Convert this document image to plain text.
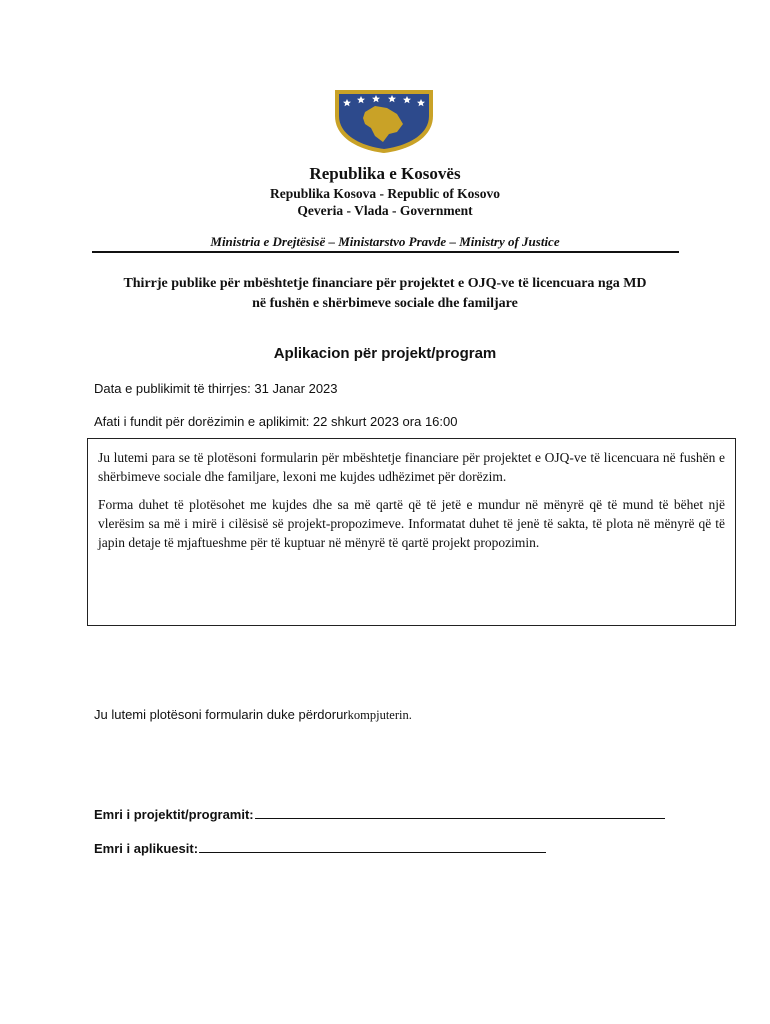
Republika e Kosovës
Republika Kosova - Republic of Kosovo
Qeveria - Vlada - Government
Ministria e Drejtësisë – Ministarstvo Pravde – Ministry of Justice
Thirrje publike për mbështetje financiare për projektet e OJQ-ve të licencuara nga MD
në fushën e shërbimeve sociale dhe familjare
Aplikacion për projekt/program
Data e publikimit të thirrjes: 31 Janar 2023
Afati i fundit për dorëzimin e aplikimit: 22 shkurt 2023 ora 16:00

Ju lutemi para se të plotësoni formularin për mbështetje financiare për projektet e OJQ-ve të licencuara në fushën e shërbimeve sociale dhe familjare, lexoni me kujdes udhëzimet për dorëzim.

Forma duhet të plotësohet me kujdes dhe sa më qartë që të jetë e mundur në mënyrë që të mund të bëhet një vlerësim sa më i mirë i cilësisë së projekt-propozimeve. Informatat duhet të jenë të sakta, të plota në mënyrë që të japin detaje të mjaftueshme për të kuptuar në mënyrë të qartë projekt propozimin.

Ju lutemi plotësoni formularin duke përdorurkompjuterin.
Emri i projektit/programit:
Emri i aplikuesit:
